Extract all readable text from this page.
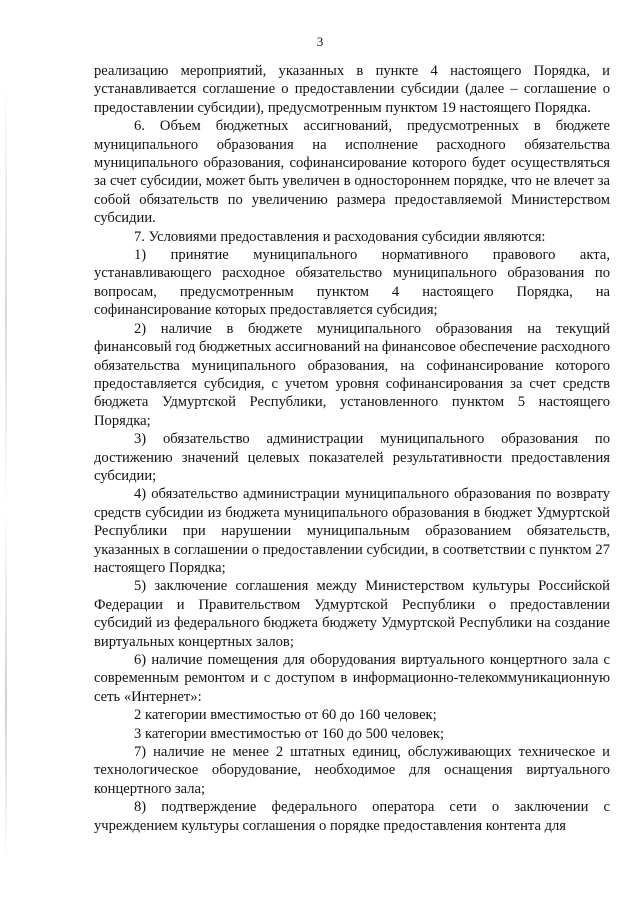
3

реализацию мероприятий, указанных в пункте 4 настоящего Порядка, и устанавливается соглашение о предоставлении субсидии (далее – соглашение о предоставлении субсидии), предусмотренным пунктом 19 настоящего Порядка.

6. Объем бюджетных ассигнований, предусмотренных в бюджете муниципального образования на исполнение расходного обязательства муниципального образования, софинансирование которого будет осуществляться за счет субсидии, может быть увеличен в одностороннем порядке, что не влечет за собой обязательств по увеличению размера предоставляемой Министерством субсидии.

7. Условиями предоставления и расходования субсидии являются:

1) принятие муниципального нормативного правового акта, устанавливающего расходное обязательство муниципального образования по вопросам, предусмотренным пунктом 4 настоящего Порядка, на софинансирование которых предоставляется субсидия;

2) наличие в бюджете муниципального образования на текущий финансовый год бюджетных ассигнований на финансовое обеспечение расходного обязательства муниципального образования, на софинансирование которого предоставляется субсидия, с учетом уровня софинансирования за счет средств бюджета Удмуртской Республики, установленного пунктом 5 настоящего Порядка;

3) обязательство администрации муниципального образования по достижению значений целевых показателей результативности предоставления субсидии;

4) обязательство администрации муниципального образования по возврату средств субсидии из бюджета муниципального образования в бюджет Удмуртской Республики при нарушении муниципальным образованием обязательств, указанных в соглашении о предоставлении субсидии, в соответствии с пунктом 27 настоящего Порядка;

5) заключение соглашения между Министерством культуры Российской Федерации и Правительством Удмуртской Республики о предоставлении субсидий из федерального бюджета бюджету Удмуртской Республики на создание виртуальных концертных залов;

6) наличие помещения для оборудования виртуального концертного зала с современным ремонтом и с доступом в информационно-телекоммуникационную сеть «Интернет»:

2 категории вместимостью от 60 до 160 человек;

3 категории вместимостью от 160 до 500 человек;

7) наличие не менее 2 штатных единиц, обслуживающих техническое и технологическое оборудование, необходимое для оснащения виртуального концертного зала;

8) подтверждение федерального оператора сети о заключении с учреждением культуры соглашения о порядке предоставления контента для
